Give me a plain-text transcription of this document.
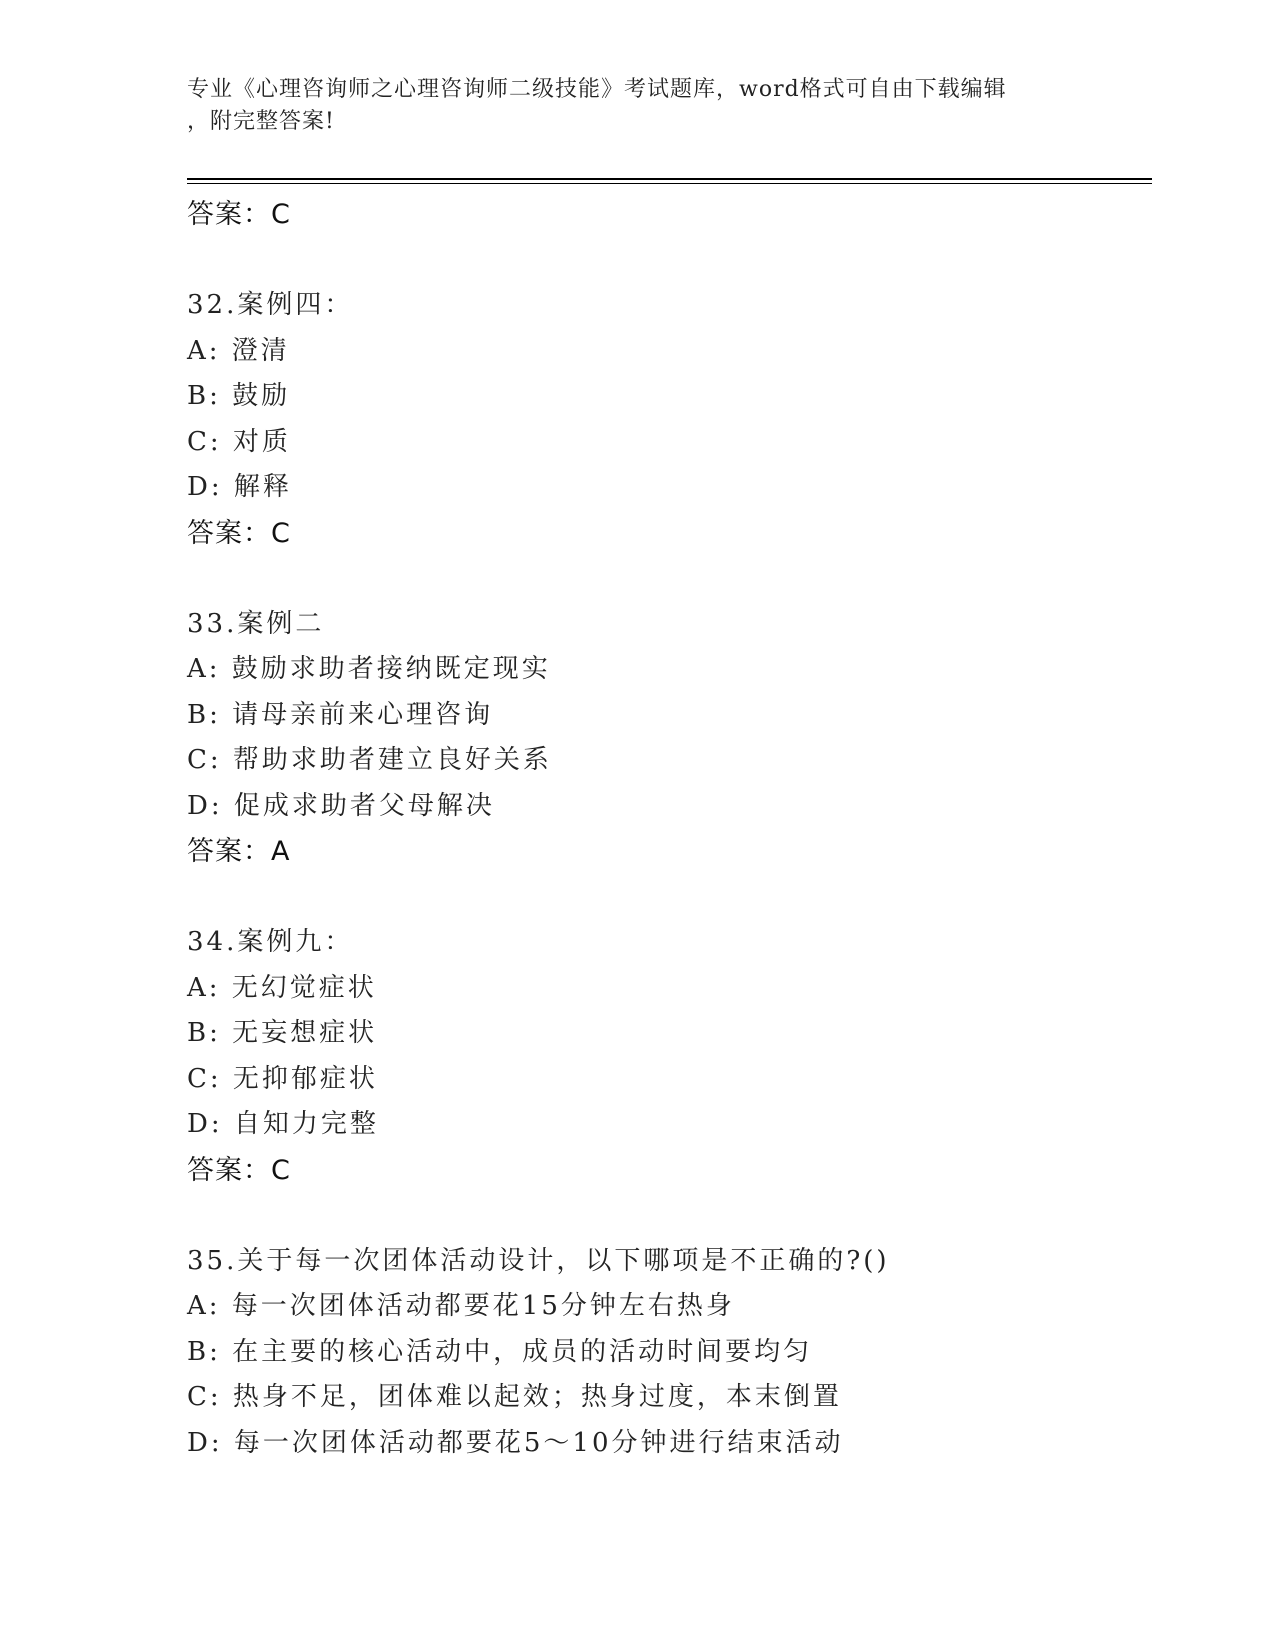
专业《心理咨询师之心理咨询师二级技能》考试题库，word格式可自由下载编辑
，附完整答案!
答案：C
32.案例四：
A: 澄清
B: 鼓励
C: 对质
D: 解释
答案：C
33.案例二
A: 鼓励求助者接纳既定现实
B: 请母亲前来心理咨询
C: 帮助求助者建立良好关系
D: 促成求助者父母解决
答案：A
34.案例九：
A: 无幻觉症状
B: 无妄想症状
C: 无抑郁症状
D: 自知力完整
答案：C
35.关于每一次团体活动设计，以下哪项是不正确的?()
A: 每一次团体活动都要花15分钟左右热身
B: 在主要的核心活动中，成员的活动时间要均匀
C: 热身不足，团体难以起效；热身过度，本末倒置
D: 每一次团体活动都要花5～10分钟进行结束活动
